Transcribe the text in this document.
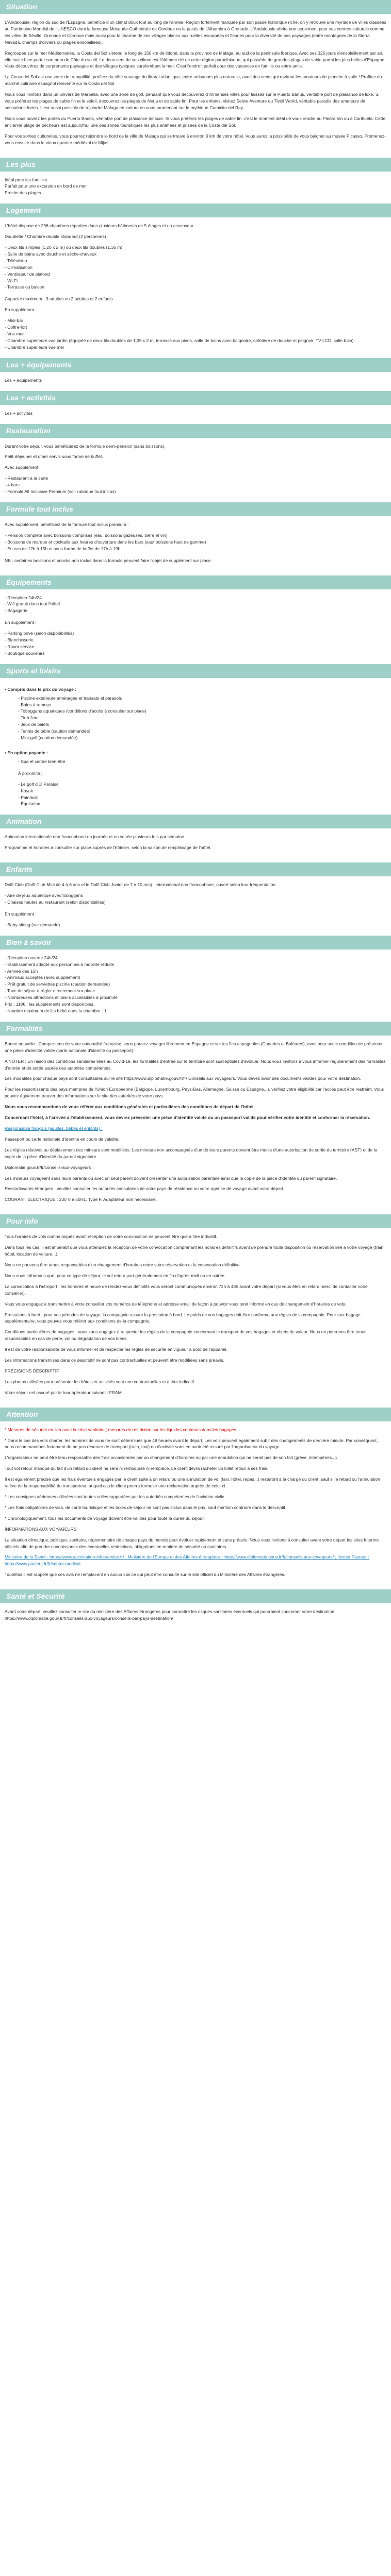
Situation

L'Andalousie, région du sud de l'Espagne, bénéficie d'un climat doux tout au long de l'année. Région fortement marquée par son passé historique riche, on y retrouve une myriade de villes classées au Patrimoine Mondial de l'UNESCO dont la fameuse Mosquée-Cathédrale de Cordoue ou le palais de l'Alhambra à Grenade. L'Andalousie abrite non seulement pour ses centres culturels comme les villes de Séville, Grenade et Cordoue mais aussi pour la charme de ses villages blancs aux ruelles escarpées et fleuries pour la diversité de ses paysages (entre montagnes de la Sierra Nevada, champs d'oliviers ou plages ensoleillées).

Regroupée sur la mer Méditerranée, la Costa del Sol s'étend le long de 150 km de littoral, dans la province de Málaga, au sud de la péninsule Ibérique. Avec ses 325 jours d'ensoleillement par an, elle invite bien porter son nom de Côte du soleil. Le doux vent de ses climat est l'élément clé de cette région paradisiaque, qui possède de grandes plages de sable parmi les plus belles d'Espagne. Vous découvrirez de surprenants paysages et des villages typiques surplombant la mer. C'est l'endroit parfait pour des vacances en famille ou entre amis.

La Costa del Sol est une zone de tranquillité, profitez du côté sauvage du littoral atlantique, entre artisanats plus naturelle, avec des vents qui raviront les amateurs de planche à voile ! Profitez du marché culinaire espagnol réinventé sur la Costa del Sol.

Nous vous invitons dans un univers de Marbella, avec une zone de golf, pendant que vous découvrirez d'immenses villes pour laissez sur le Puerto Banús, véritable port de plaisance de luxe. Si vous préférez les plages de sable fin et le soleil, découvrez les plages de Nerja et de sable fin. Pour les enfants, visitez Selwo Aventure ou Tivoli World, véritable paradis des amateurs de sensations fortes. Il est aussi possible de rejoindre Malaga en voiture en vous promenant sur le mythique Caminito del Rey.

Nous vous ouvrez les portes du Puerto Banús, véritable port de plaisance de luxe. Si vous préférez les plages de sable fin, c'est le moment idéal de vous rendre au Piedra Inn ou à Carihuela. Cette ancienne plage de pêcheurs est aujourd'hui une des zones touristiques les plus animées et prisées de la Costa del Sol.

Pour vos sorties culturelles, vous pourrez rejoindre le bord de la ville de Malaga qui se trouve à environ 6 km de votre hôtel. Vous aurez la possibilité de vous baigner au musée Picasso. Promenez-vous ensuite dans le vieux quartier médiéval de Mijas.

Les plus
Idéal pour les familles
Parfait pour une excursion en bord de mer
Proche des plages
Logement

L'hôtel dispose de 296 chambres réparties dans plusieurs bâtiments de 5 étages et un ascenseur.

Doublette / Chambre double standard (2 personnes) :

- Deux lits simples (1,20 x 2 m) ou deux lits doubles (1,35 m)
- Salle de bains avec douche et sèche-cheveux
- Télévision
- Climatisation
- Ventilateur de plafond
- Wi-Fi
- Terrasse ou balcon

Capacité maximum : 3 adultes ou 2 adultes et 2 enfants

En supplément :

- Mini-bar
- Coffre-fort
- Vue mer
- Chambre supérieure vue jardin (équipée de deux lits doubles de 1,35 x 2 m, terrasse aux pieds, salle de bains avec baignoire, cafetière de douche et peignoir, TV LCD, salle bain).
- Chambre supérieure vue mer
Les + équipements
Les + équipements
Les + activités
Les + activités
Restauration

Durant votre séjour, vous bénéficierez de la formule demi-pension (sans boissons).

Petit-déjeuner et dîner servis sous forme de buffet.

Avec supplément :

- Restaurant à la carte
- 4 bars
- Formule All Inclusive Premium (voir rubrique tout inclus)
Formule tout inclus

Avec supplément, bénéficiez de la formule tout inclus premium :

- Pension complète avec boissons comprises (eau, boissons gazeuses, bière et vin)
- Boissons de marque et cocktails aux heures d'ouverture dans les bars (sauf boissons haut de gamme)
- En cas de 12h à 15h et sous forme de buffet de 17h à 19h

NB : certaines boissons et snacks non inclus dans la formule peuvent faire l'objet de supplément sur place.

Équipements
- Réception 24h/24
- Wifi gratuit dans tout l'hôtel
- Bagagerie

En supplément :

- Parking privé (selon disponibilités)
- Blanchisserie
- Room service
- Boutique souvenirs
Sports et loisirs
• Compris dans le prix du voyage :
- Piscine extérieure aménagée et transats et parasols
- Bains à remous
- Toboggans aquatiques (conditions d'accès à consulter sur place)
- Tir à l'arc
- Jeux de palets
- Tennis de table (caution demandée)
- Mini-golf (caution demandée)
• En option payante :
- Spa et centre bien-être

À proximité :

- Le golf d'El Paraíso
- Kayak
- Paintball
- Équitation
Animation

Animation internationale non francophone en journée et en soirée plusieurs fois par semaine.

Programme et horaires à consulter sur place auprès de l'hôtelier, selon la saison de remplissage de l'hôtel.

Enfants

Dolfi Club (Dolfi Club Mini de 4 à 6 ans et le Dolfi Club Junior de 7 à 10 ans) : international non francophone, ouvert selon leur fréquentation.

- Aire de jeux aquatique avec toboggans
- Chaises hautes au restaurant (selon disponibilités)

En supplément :

- Baby-sitting (sur demande)
Bien à savoir
- Réception ouverte 24h/24
- Établissement adapté aux personnes à mobilité réduite
- Arrivée dès 15h
- Animaux acceptés (avec supplément)
- Prêt gratuit de serviettes piscine (caution demandée)
- Taxe de séjour à régler directement sur place
- Nombreuses attractions et loisirs accessibles à proximité
Prix : 118€ : les suppléments sont disponibles.
- Nombre maximum de lits bébé dans la chambre : 1
Formalités

Bonne nouvelle : Compte-tenu de votre nationalité française, vous pouvez voyager librement en Espagne et sur les îles espagnoles (Canaries et Baléares), avec pour seule condition de présenter une pièce d'identité valide (carte nationale d'identité ou passeport).

A NOTER : En raison des conditions sanitaires liées au Covid-19, les formalités d'entrée sur le territoire sont susceptibles d'évoluer. Nous vous invitons à vous informer régulièrement des formalités d'entrée et de sortie auprès des autorités compétentes.

Les modalités pour chaque pays sont consultables sur le site https://www.diplomatie.gouv.fr/fr/ Conseils aux voyageurs. Vous devez avoir des documents valides pour votre destination.

Pour les ressortissants des pays membres de l'Union Européenne (Belgique, Luxembourg, Pays-Bas, Allemagne, Suisse ou Espagne...), vérifiez votre éligibilité car l'accès peut être restreint. Vous pouvez également trouver des informations sur le site des autorités de votre pays.

Nous vous recommandons de vous référer aux conditions générales et particulières des conditions de départ de l'hôtel.

Concernant l'hôtel, à l'arrivée à l'établissement, vous devrez présenter une pièce d'identité valide ou un passeport valide pour vérifier votre identité et conformer la réservation.

Responsable français (adultes, bébés et enfants) :

Passeport ou carte nationale d'identité en cours de validité.

Les règles relatives au déplacement des mineurs sont modifiées. Les mineurs non accompagnés d'un de leurs parents doivent être munis d'une autorisation de sortie du territoire (AST) et de la copie de la pièce d'identité du parent signataire.

Diplomatie.gouv.fr/fr/conseils-aux-voyageurs

Les mineurs voyageant sans leurs parents ou avec un seul parent doivent présenter une autorisation parentale ainsi que la copie de la pièce d'identité du parent signataire.

Ressortissants étrangers : veuillez consulter les autorités consulaires de votre pays de résidence ou votre agence de voyage avant votre départ.

COURANT ÉLECTRIQUE : 230 V à 50Hz. Type F. Adaptateur non nécessaire.

Pour info

Tous horaires de vols communiqués avant réception de votre convocation ne peuvent être que à titre indicatif.

Dans tous les cas, il est impératif que vous attendiez la réception de votre convocation comprenant les horaires définitifs avant de prendre toute disposition ou réservation liée à votre voyage (train, hôtel, location de voiture...).

Nous ne pouvons être tenus responsables d'un changement d'horaires entre votre réservation et la convocation définitive.

Nous vous informons que, pour ce type de séjour, le vol retour part généralement en fin d'après-midi ou en soirée.

La convocation à l'aéroport : les horaires et heure de rendez-vous définitifs vous seront communiqués environ 72h à 48h avant votre départ (si vous êtes en retard merci de contacter votre conseiller).

Vous vous engagez à transmettre à votre conseiller vos numéros de téléphone et adresse email de façon à pouvoir vous tenir informé en cas de changement d'horaires de vols.

Prestations à bord : pour vos périodes de voyage, la compagnie assure la prestation à bord. Le poids de vos bagages doit être conforme aux règles de la compagnie. Pour tout bagage supplémentaire, vous pouvez vous référer aux conditions de la compagnie.

Conditions particulières de bagages : vous vous engagez à respecter les règles de la compagnie concernant le transport de vos bagages et objets de valeur. Nous ne pourrions être tenus responsables en cas de perte, vol ou dégradation de vos biens.

Il est de votre responsabilité de vous informer et de respecter les règles de sécurité en vigueur à bord de l'appareil.

Les informations transmises dans ce descriptif ne sont pas contractuelles et peuvent être modifiées sans préavis.

PRÉCISIONS DESCRIPTIF

Les photos utilisées pour présenter les hôtels et activités sont non contractuelles et à titre indicatif.

Votre séjour est assuré par le tour opérateur suivant : FRAM

Attention

* Mesures de sécurité en lien avec la crise sanitaire ; mesures de restriction sur les liquides contenus dans les bagages

* Dans le cas des vols charter, les horaires de vous ne sont déterminés que 48 heures avant le départ. Les vols peuvent également subir des changements de dernière minute. Par conséquent, nous recommandons fortement de ne pas réserver de transport (train, taxi) ou d'activité sans en avoir été assuré par l'organisateur du voyage.

L'organisateur ne peut être tenu responsable des frais occasionnés par un changement d'horaires ou par une annulation qui ne serait pas de son fait (grève, intempéries...).

Tout vol retour manqué du fait d'un retard du client ne sera ni remboursé ni remplacé. Le client devra racheter un billet retour à ses frais.

Il est également précisé que les frais éventuels engagés par le client suite à un retard ou une annulation de vol (taxi, hôtel, repas...) resteront à la charge du client, sauf si le retard ou l'annulation relève de la responsabilité du transporteur, auquel cas le client pourra formuler une réclamation auprès de celui-ci.

* Les consignes aériennes utilisées sont toutes celles rapportées par les autorités compétentes de l'aviation civile.

* Les frais obligatoires de visa, de carte touristique et les taxes de séjour ne sont pas inclus dans le prix, sauf mention contraire dans le descriptif.

* Chronologiquement, tous les documents de voyage doivent être valides pour toute la durée du séjour.

INFORMATIONS AUX VOYAGEURS

La situation climatique, politique, sanitaire, réglementaire de chaque pays du monde peut évoluer rapidement et sans préavis. Nous vous invitons à consulter avant votre départ les sites Internet officiels afin de prendre connaissance des éventuelles restrictions, obligations en matière de sécurité ou sanitaires.

Ministère de la Santé : https://www.vaccination-info-service.fr/ ; Ministère de l'Europe et des Affaires étrangères : https://www.diplomatie.gouv.fr/fr/conseils-aux-voyageurs/ ; Institut Pasteur : https://www.pasteur.fr/fr/centre-medical

Toutefois il est rappelé que ces avis ne remplacent en aucun cas ce qui peut être consulté sur le site officiel du Ministère des Affaires étrangères.

Santé et Sécurité

Avant votre départ, veuillez consulter le site du ministère des Affaires étrangères pour connaître les risques sanitaires éventuels qui pourraient concerner votre destination : https://www.diplomatie.gouv.fr/fr/conseils-aux-voyageurs/conseils-par-pays-destination/
